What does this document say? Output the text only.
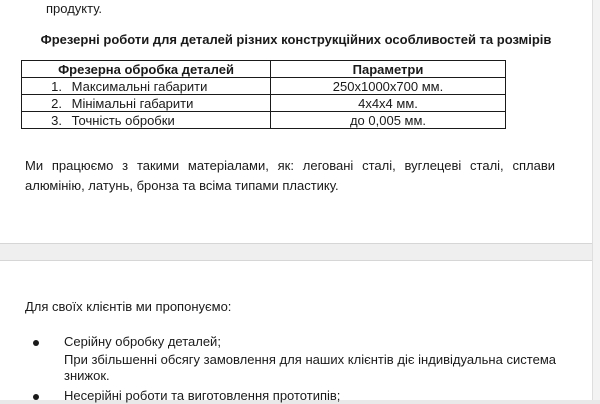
продукту.
Фрезерні роботи для деталей різних конструкційних особливостей та розмірів
Фрезерна обробка деталей	Параметри
1. Максимальні габарити	250х1000х700 мм.
2. Мінімальні габарити	4х4х4 мм.
3. Точність обробки	до 0,005 мм.
Ми працюємо з такими матеріалами, як: леговані сталі, вуглецеві сталі, сплави
алюмінію, латунь, бронза та всіма типами пластику.
Для своїх клієнтів ми пропонуємо:
Серійну обробку деталей;
При збільшенні обсягу замовлення для наших клієнтів діє індивідуальна система
знижок.
Несерійні роботи та виготовлення прототипів;
